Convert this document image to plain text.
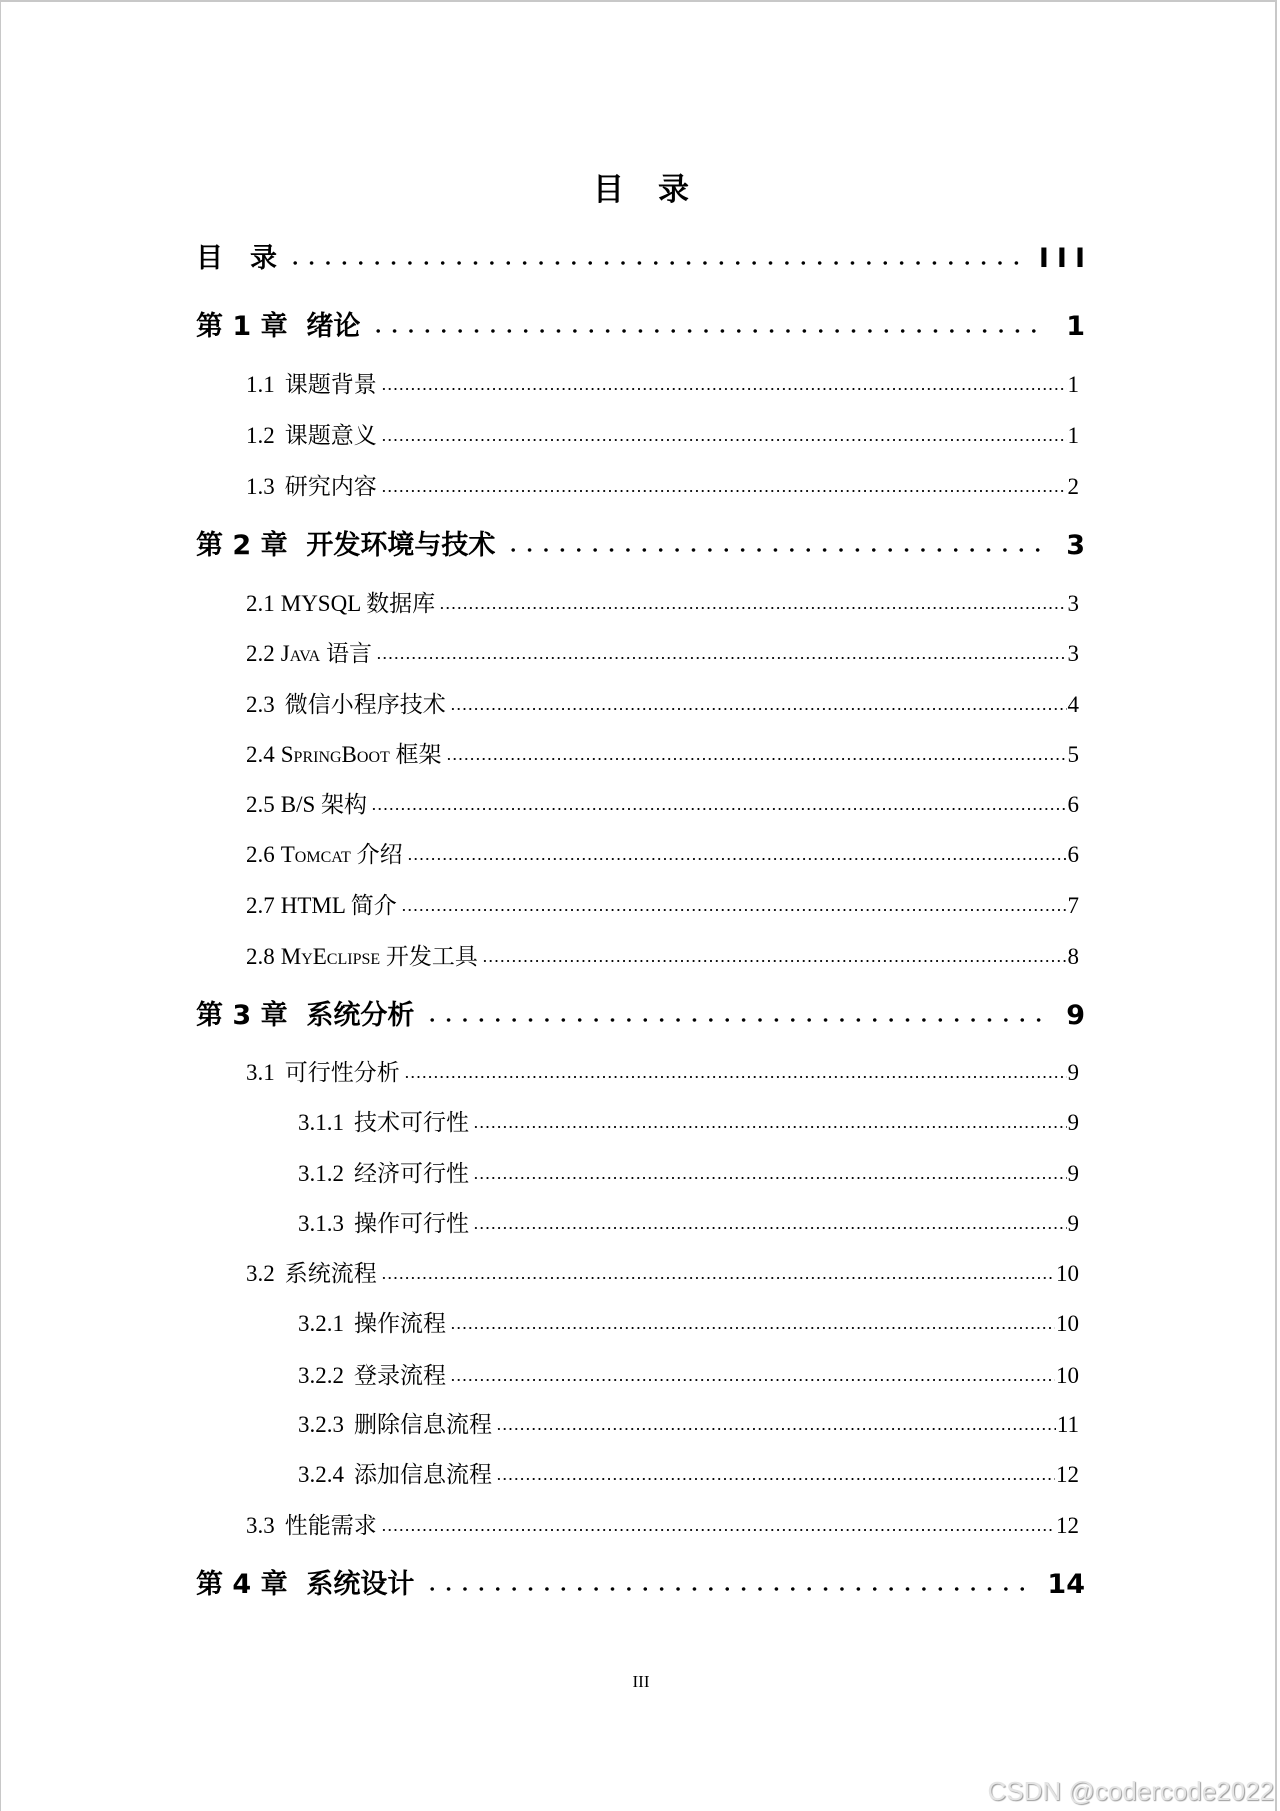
目 录
目　录	III
第 1 章 绪论	1
1.1 课题背景	1
1.2 课题意义	1
1.3 研究内容	2
第 2 章 开发环境与技术	3
2.1 MYSQL 数据库	3
2.2 Java 语言	3
2.3 微信小程序技术	4
2.4 SpringBoot 框架	5
2.5 B/S 架构	6
2.6 Tomcat 介绍	6
2.7 HTML 简介	7
2.8 MyEclipse 开发工具	8
第 3 章 系统分析	9
3.1 可行性分析	9
3.1.1 技术可行性	9
3.1.2 经济可行性	9
3.1.3 操作可行性	9
3.2 系统流程	10
3.2.1 操作流程	10
3.2.2 登录流程	10
3.2.3 删除信息流程	11
3.2.4 添加信息流程	12
3.3 性能需求	12
第 4 章 系统设计	14
III
CSDN @codercode2022
